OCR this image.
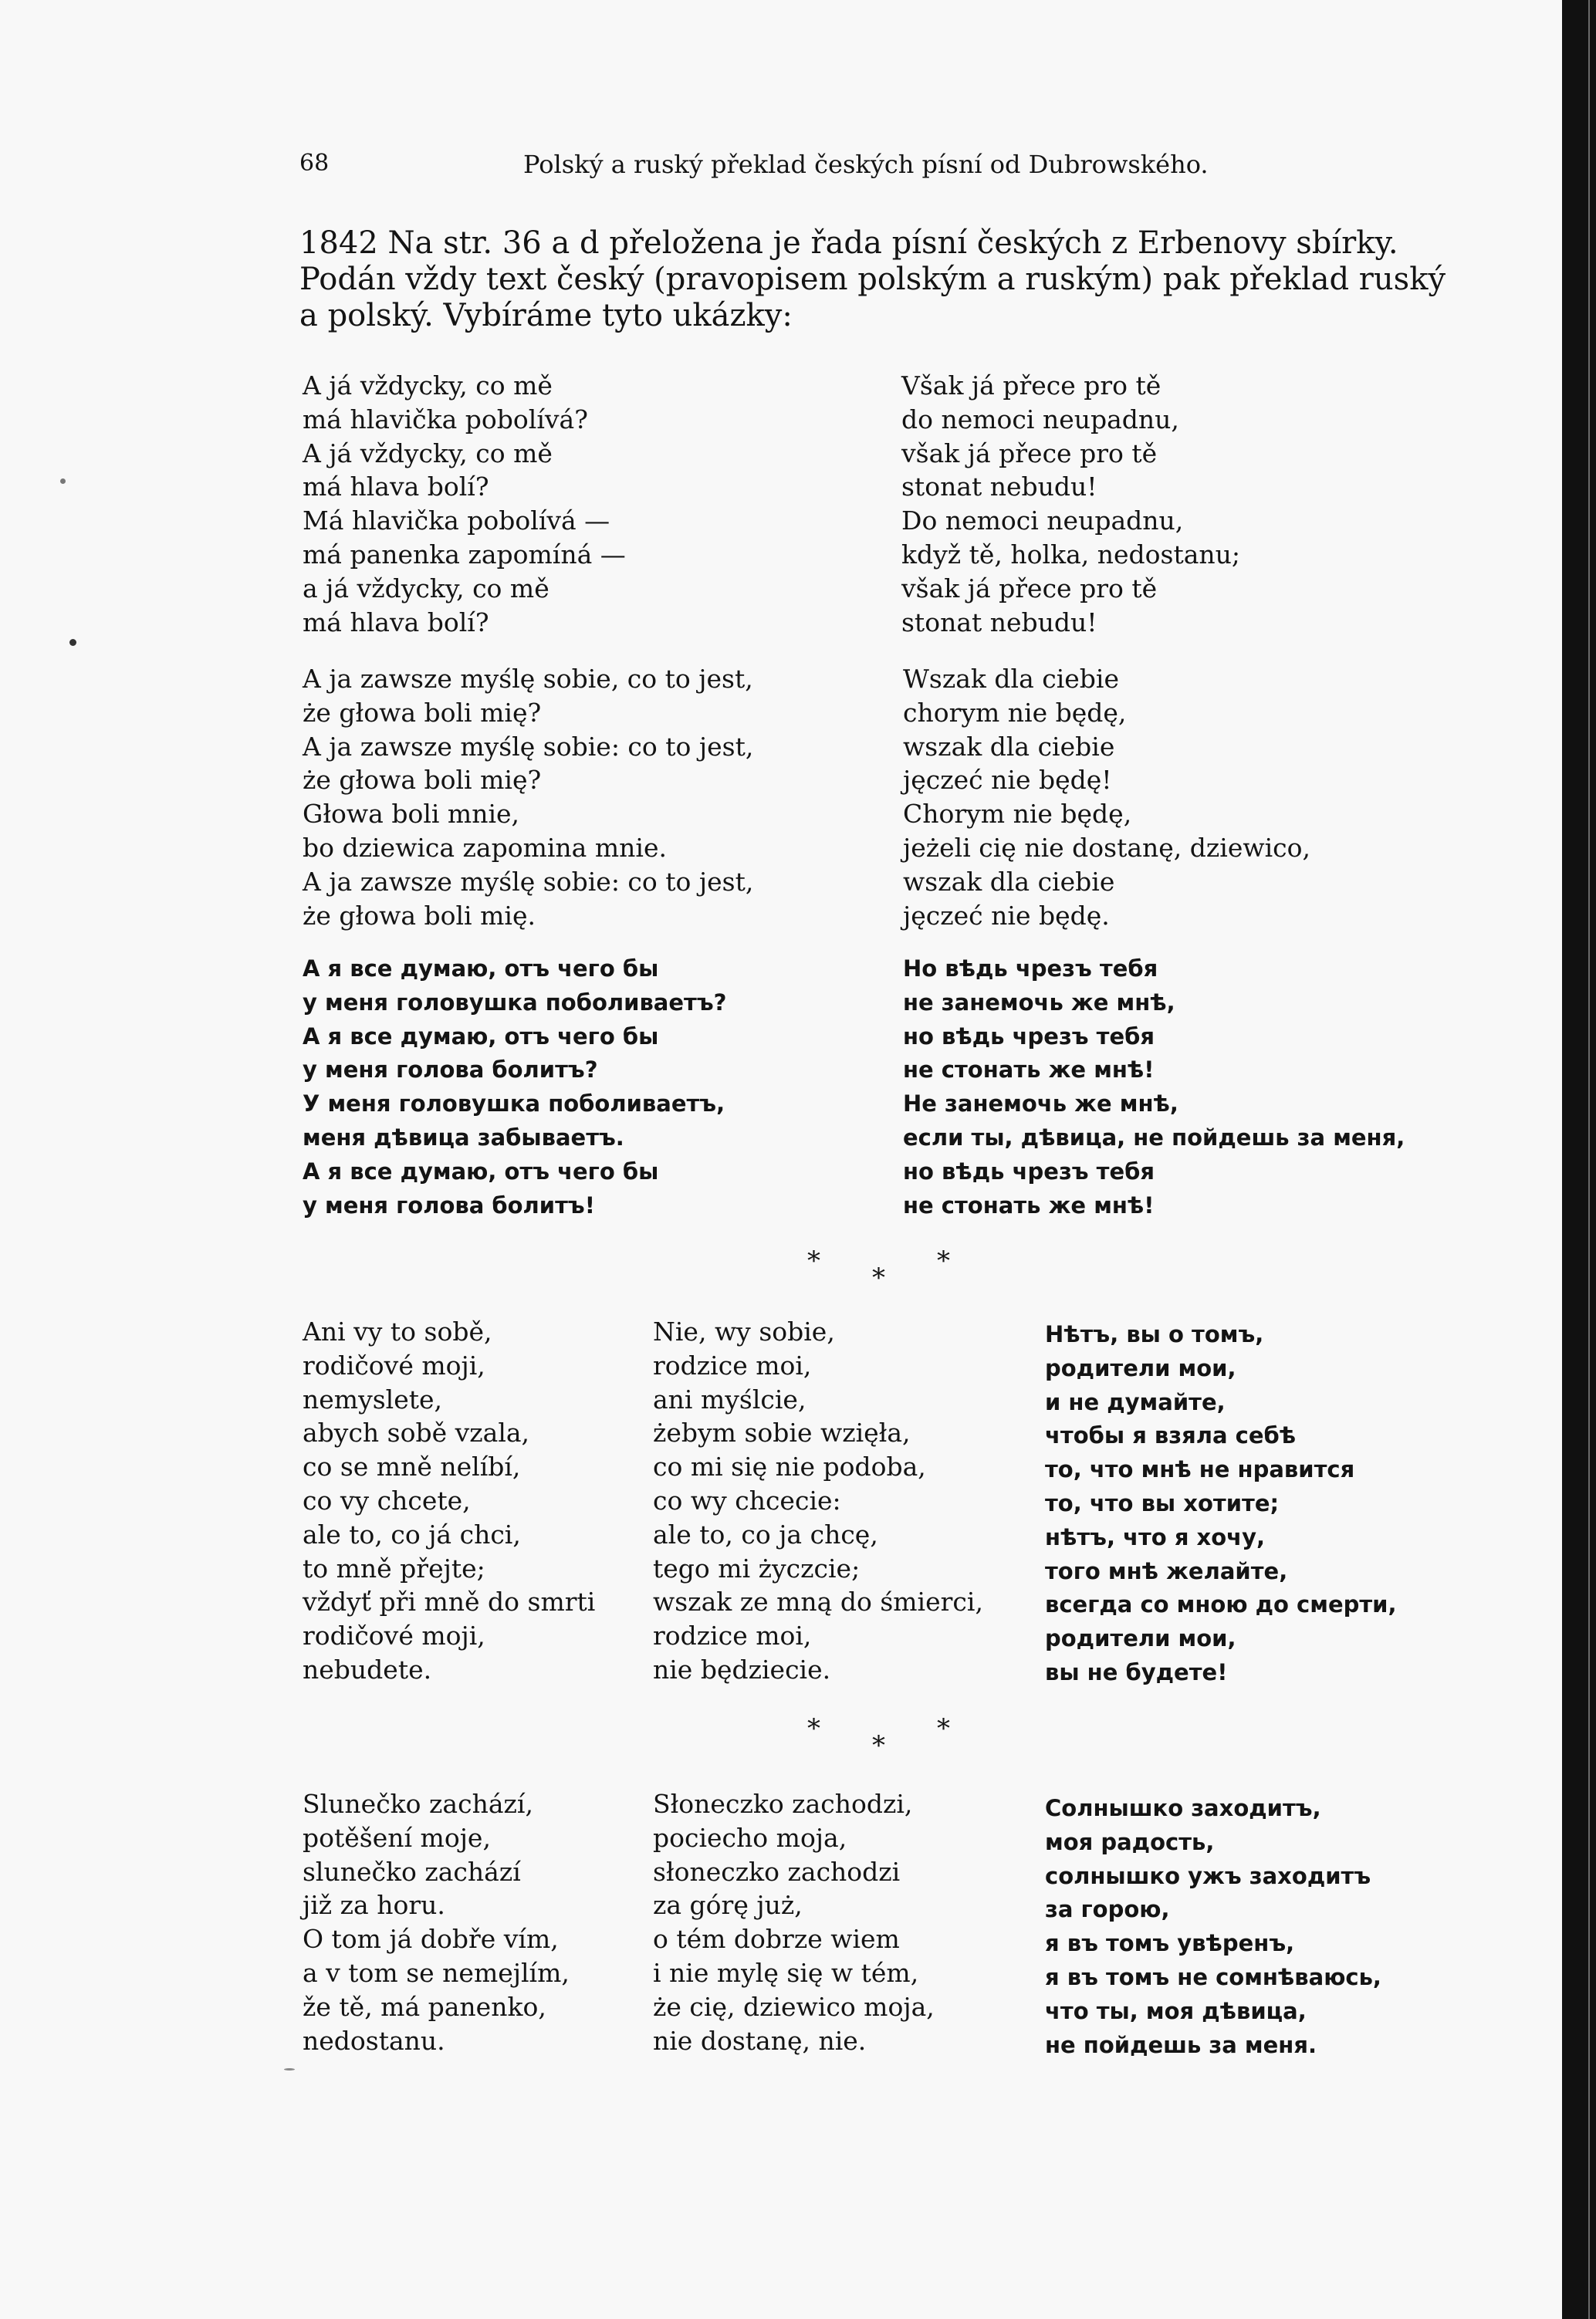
68	Polský a ruský překlad českých písní od Dubrowského.
1842 Na str. 36 a d přeložena je řada písní českých z Erbenovy sbírky.
Podán vždy text český (pravopisem polským a ruským) pak překlad ruský
a polský. Vybíráme tyto ukázky:
A já vždycky, co mě
má hlavička pobolívá?
A já vždycky, co mě
má hlava bolí?
Má hlavička pobolívá —
má panenka zapomíná —
a já vždycky, co mě
má hlava bolí?
Však já přece pro tě
do nemoci neupadnu,
však já přece pro tě
stonat nebudu!
Do nemoci neupadnu,
když tě, holka, nedostanu;
však já přece pro tě
stonat nebudu!
A ja zawsze myślę sobie, co to jest,
że głowa boli mię?
A ja zawsze myślę sobie: co to jest,
że głowa boli mię?
Głowa boli mnie,
bo dziewica zapomina mnie.
A ja zawsze myślę sobie: co to jest,
że głowa boli mię.
Wszak dla ciebie
chorym nie będę,
wszak dla ciebie
jęczeć nie będę!
Chorym nie będę,
jeżeli cię nie dostanę, dziewico,
wszak dla ciebie
jęczeć nie będę.
А я все думаю, отъ чего бы
у меня головушка поболиваетъ?
А я все думаю, отъ чего бы
у меня голова болитъ?
У меня головушка поболиваетъ,
меня дѣвица забываетъ.
А я все думаю, отъ чего бы
у меня голова болитъ!
Но вѣдь чрезъ тебя
не занемочь же мнѣ,
но вѣдь чрезъ тебя
не стонать же мнѣ!
Не занемочь же мнѣ,
если ты, дѣвица, не пойдешь за меня,
но вѣдь чрезъ тебя
не стонать же мнѣ!
*
*
*
Ani vy to sobě,
rodičové moji,
nemyslete,
abych sobě vzala,
co se mně nelíbí,
co vy chcete,
ale to, co já chci,
to mně přejte;
vždyť při mně do smrti
rodičové moji,
nebudete.
Nie, wy sobie,
rodzice moi,
ani myślcie,
żebym sobie wzięła,
co mi się nie podoba,
co wy chcecie:
ale to, co ja chcę,
tego mi życzcie;
wszak ze mną do śmierci,
rodzice moi,
nie będziecie.
Нѣтъ, вы о томъ,
родители мои,
и не думайте,
чтобы я взяла себѣ
то, что мнѣ не нравится
то, что вы хотите;
нѣтъ, что я хочу,
того мнѣ желайте,
всегда со мною до смерти,
родители мои,
вы не будете!
*
*
*
Slunečko zachází,
potěšení moje,
slunečko zachází
již za horu.
O tom já dobře vím,
a v tom se nemejlím,
že tě, má panenko,
nedostanu.
Słoneczko zachodzi,
pociecho moja,
słoneczko zachodzi
za górę już,
o tém dobrze wiem
i nie mylę się w tém,
że cię, dziewico moja,
nie dostanę, nie.
Солнышко заходитъ,
моя радость,
солнышко ужъ заходитъ
за горою,
я въ томъ увѣренъ,
я въ томъ не сомнѣваюсь,
что ты, моя дѣвица,
не пойдешь за меня.
